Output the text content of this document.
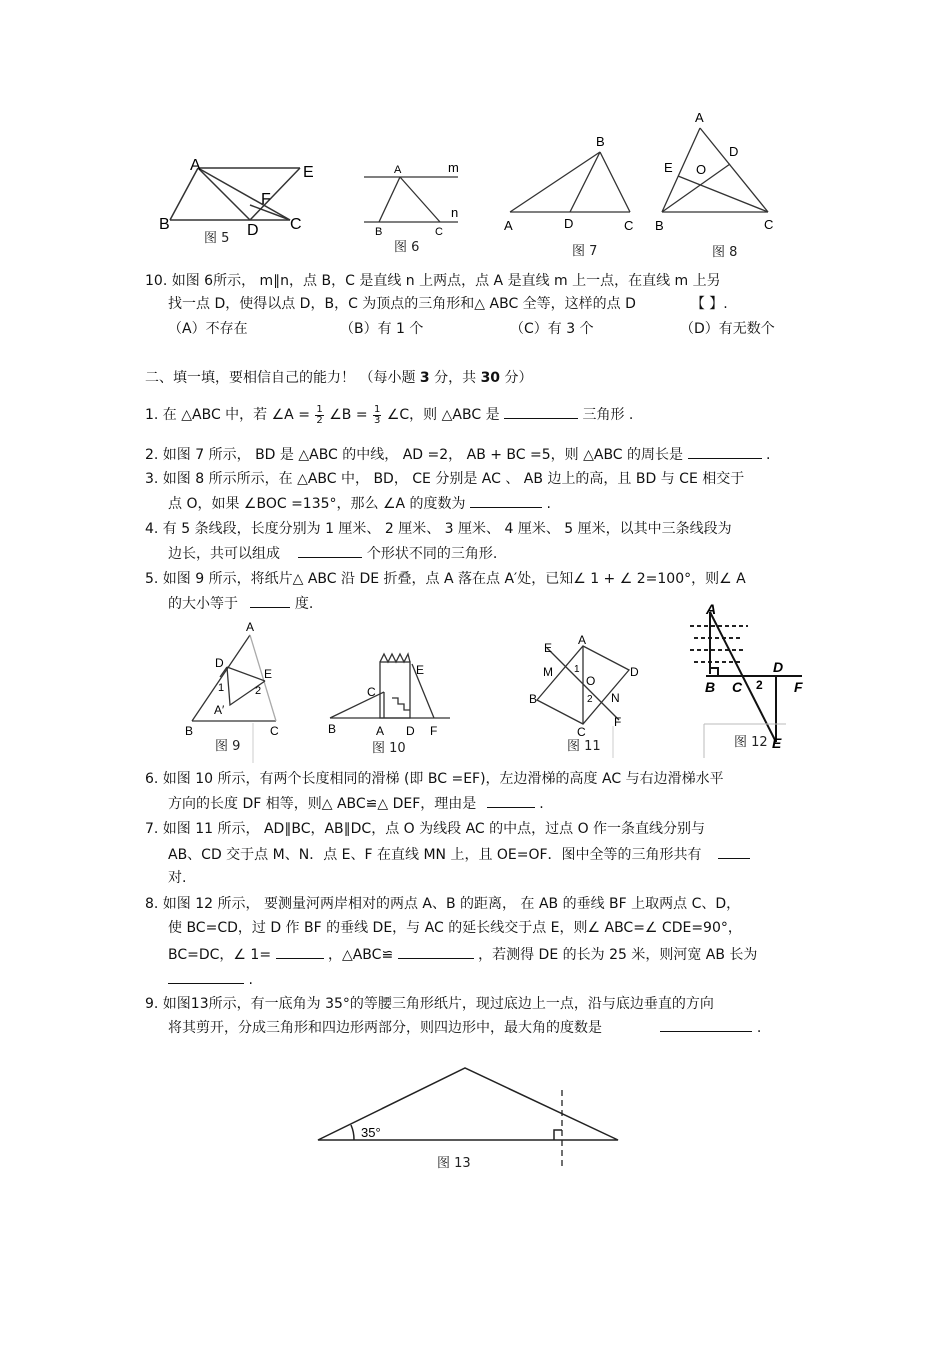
A	E
F
B	D C
图 5
A	m
n
B	C
图 6
B
A	D	C
图 7
A
D
E O
B	C
图 8
10. 如图 6所示， m∥n，点 B，C 是直线 n 上两点，点 A 是直线 m 上一点，在直线 m 上另
找一点 D，使得以点 D，B，C 为顶点的三角形和△ ABC 全等，这样的点 D	【 】.
（A）不存在	（B）有 1 个	（C）有 3 个	（D）有无数个
二、填一填，要相信自己的能力！ （每小题 3 分，共 30 分）
1. 在 △ABC 中，若 ∠A = $\frac{1}{2}$ ∠B = $\frac{1}{3}$ ∠C，则 △ABC 是	三角形 .
2. 如图 7 所示， BD 是 △ABC 的中线， AD =2， AB + BC =5，则 △ABC 的周长是	.
3. 如图 8 所示所示，在 △ABC 中， BD， CE 分别是 AC 、 AB 边上的高，且 BD 与 CE 相交于
点 O，如果 ∠BOC =135°，那么 ∠A 的度数为	.
4. 有 5 条线段，长度分别为 1 厘米、 2 厘米、 3 厘米、 4 厘米、 5 厘米，以其中三条线段为
边长，共可以组成	个形状不同的三角形.
5. 如图 9 所示，将纸片△ ABC 沿 DE 折叠，点 A 落在点 A′处，已知∠ 1 + ∠ 2=100°，则∠ A
的大小等于	度.
A
D
E
1	2
A′
B	C
图 9
E
C
B	A D F
图 10
E
A
D
M 1
O
2
B	N
C
F
图 11
A
D
B C 2 F
E
图 12
6. 如图 10 所示，有两个长度相同的滑梯 (即 BC =EF)，左边滑梯的高度 AC 与右边滑梯水平
方向的长度 DF 相等，则△ ABC≌△ DEF，理由是	.
7. 如图 11 所示， AD∥BC，AB∥DC，点 O 为线段 AC 的中点，过点 O 作一条直线分别与
AB、CD 交于点 M、N．点 E、F 在直线 MN 上，且 OE=OF．图中全等的三角形共有
对.
8. 如图 12 所示， 要测量河两岸相对的两点 A、B 的距离， 在 AB 的垂线 BF 上取两点 C、D，
使 BC=CD，过 D 作 BF 的垂线 DE，与 AC 的延长线交于点 E，则∠ ABC=∠ CDE=90°，
BC=DC，∠ 1=	，△ABC≌	，若测得 DE 的长为 25 米，则河宽 AB 长为
.
9. 如图13所示，有一底角为 35°的等腰三角形纸片，现过底边上一点，沿与底边垂直的方向
将其剪开，分成三角形和四边形两部分，则四边形中，最大角的度数是	.
35°
图 13
